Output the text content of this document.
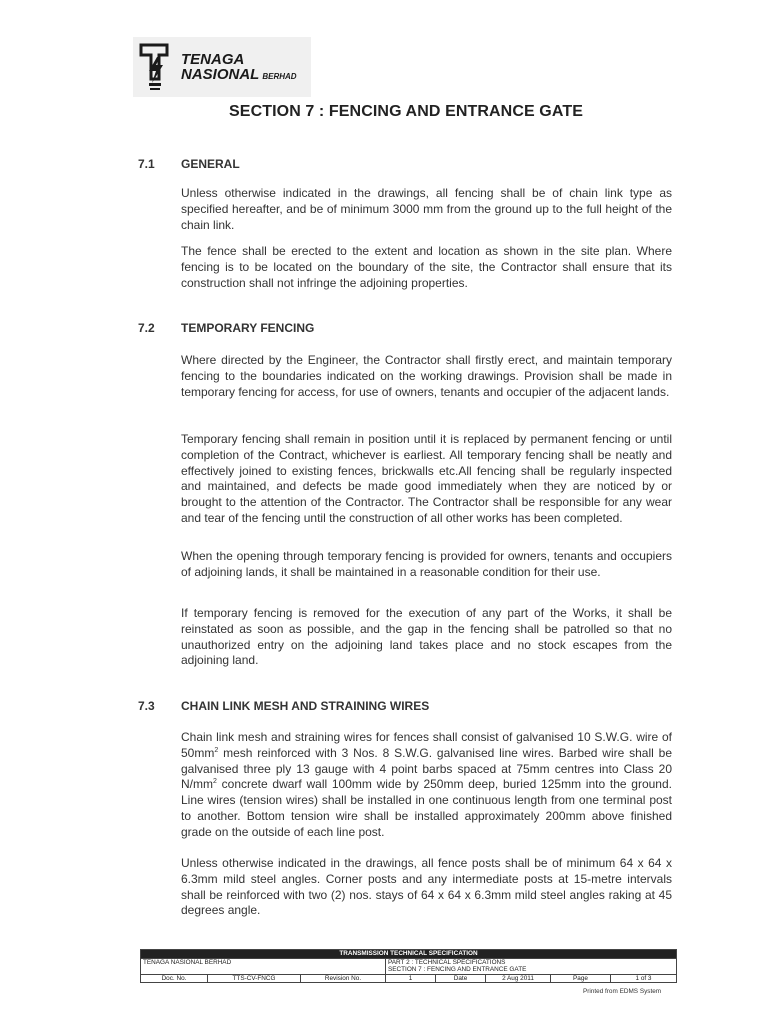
TENAGA
NASIONAL BERHAD
SECTION 7 : FENCING AND ENTRANCE GATE
7.1 GENERAL

Unless otherwise indicated in the drawings, all fencing shall be of chain link type as specified hereafter, and be of minimum 3000 mm from the ground up to the full height of the chain link.

The fence shall be erected to the extent and location as shown in the site plan. Where fencing is to be located on the boundary of the site, the Contractor shall ensure that its construction shall not infringe the adjoining properties.

7.2 TEMPORARY FENCING

Where directed by the Engineer, the Contractor shall firstly erect, and maintain temporary fencing to the boundaries indicated on the working drawings. Provision shall be made in temporary fencing for access, for use of owners, tenants and occupier of the adjacent lands.

Temporary fencing shall remain in position until it is replaced by permanent fencing or until completion of the Contract, whichever is earliest. All temporary fencing shall be neatly and effectively joined to existing fences, brickwalls etc.All fencing shall be regularly inspected and maintained, and defects be made good immediately when they are noticed by or brought to the attention of the Contractor. The Contractor shall be responsible for any wear and tear of the fencing until the construction of all other works has been completed.

When the opening through temporary fencing is provided for owners, tenants and occupiers of adjoining lands, it shall be maintained in a reasonable condition for their use.

If temporary fencing is removed for the execution of any part of the Works, it shall be reinstated as soon as possible, and the gap in the fencing shall be patrolled so that no unauthorized entry on the adjoining land takes place and no stock escapes from the adjoining land.

7.3 CHAIN LINK MESH AND STRAINING WIRES

Chain link mesh and straining wires for fences shall consist of galvanised 10 S.W.G. wire of $50mm^2$ mesh reinforced with 3 Nos. 8 S.W.G. galvanised line wires. Barbed wire shall be galvanised three ply 13 gauge with 4 point barbs spaced at 75mm centres into Class 20 $N/mm^2$ concrete dwarf wall 100mm wide by 250mm deep, buried 125mm into the ground. Line wires (tension wires) shall be installed in one continuous length from one terminal post to another. Bottom tension wire shall be installed approximately 200mm above finished grade on the outside of each line post.

Unless otherwise indicated in the drawings, all fence posts shall be of minimum 64 x 64 x 6.3mm mild steel angles. Corner posts and any intermediate posts at 15-metre intervals shall be reinforced with two (2) nos. stays of 64 x 64 x 6.3mm mild steel angles raking at 45 degrees angle.

TRANSMISSION TECHNICAL SPECIFICATION							
TENAGA NASIONAL BERHAD			PART 2 : TECHNICAL SPECIFICATIONS				
			SECTION 7 : FENCING AND ENTRANCE GATE				
Doc. No.	TTS-CV-FNCG	Revision No.	1	Date	2 Aug 2011	Page	1 of 3
Printed from EDMS System
